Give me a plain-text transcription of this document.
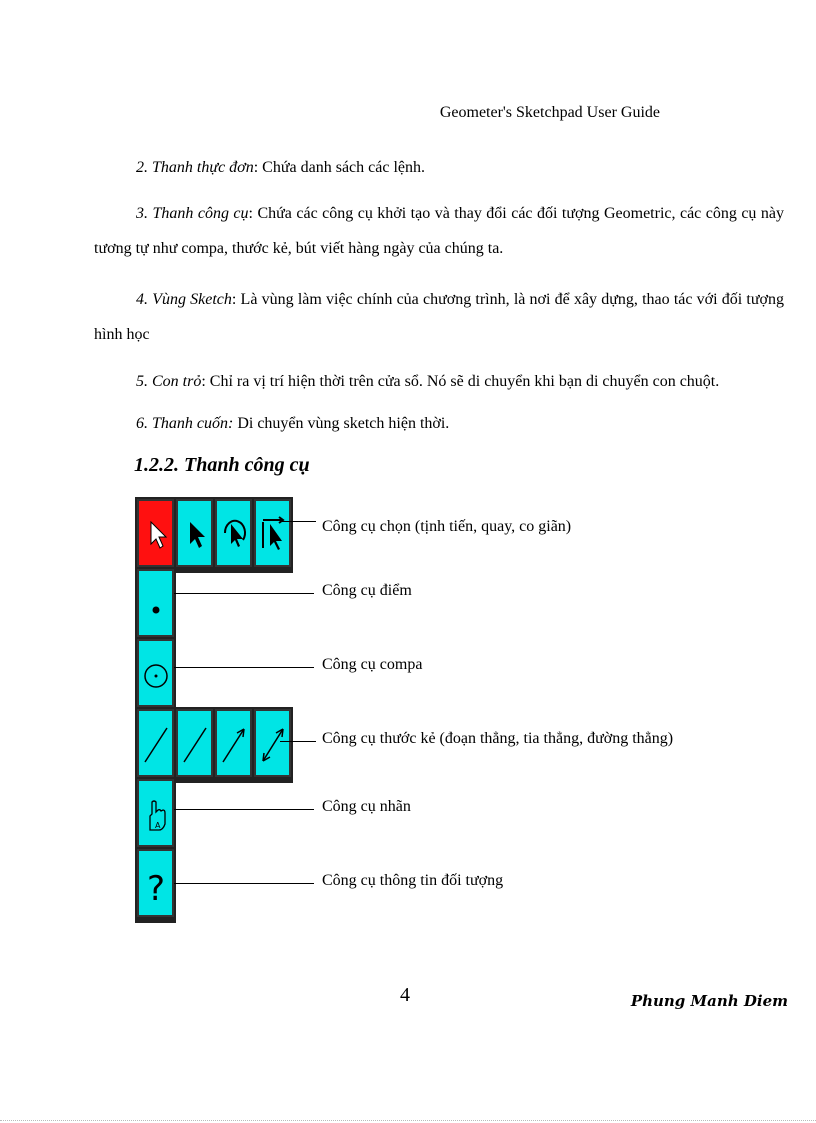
Geometer's Sketchpad User Guide

2. Thanh thực đơn: Chứa danh sách các lệnh.

3. Thanh công cụ: Chứa các công cụ khởi tạo và thay đổi các đối tượng Geometric, các công cụ này tương tự như compa, thước kẻ, bút viết hàng ngày của chúng ta.

4. Vùng Sketch: Là vùng làm việc chính của chương trình, là nơi để xây dựng, thao tác với đối tượng hình học

5. Con trỏ: Chỉ ra vị trí hiện thời trên cửa sổ. Nó sẽ di chuyển khi bạn di chuyển con chuột.

6. Thanh cuốn: Di chuyển vùng sketch hiện thời.

1.2.2. Thanh công cụ
Công cụ chọn (tịnh tiến, quay, co giãn)
Công cụ điểm
Công cụ compa
Công cụ thước kẻ (đoạn thẳng, tia thẳng, đường thẳng)
A
Công cụ nhãn
?	Công cụ thông tin đối tượng
4	Phung Manh Diem
